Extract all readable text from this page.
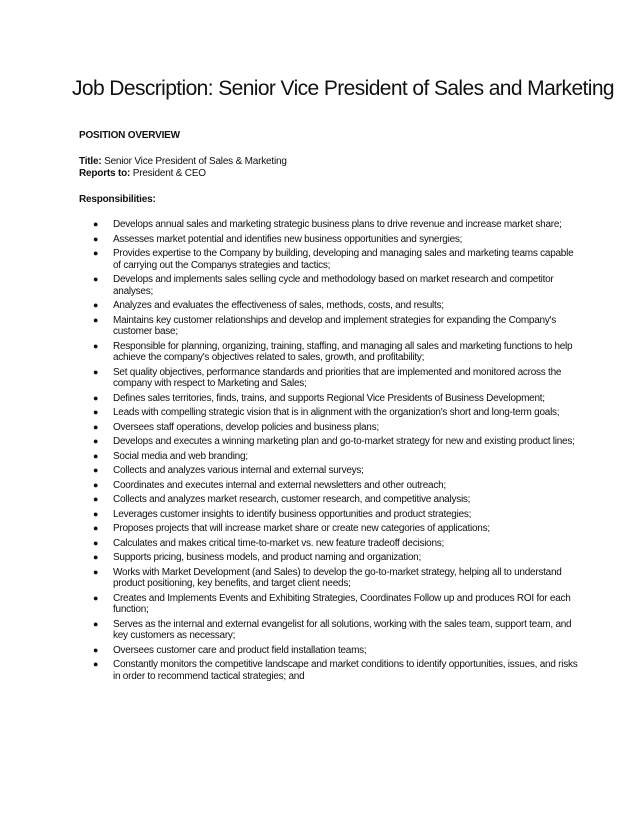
Job Description: Senior Vice President of Sales and Marketing
POSITION OVERVIEW

Title: Senior Vice President of Sales & Marketing

Reports to: President & CEO

Responsibilities:
● Develops annual sales and marketing strategic business plans to drive revenue and increase market share;
● Assesses market potential and identifies new business opportunities and synergies;
● Provides expertise to the Company by building, developing and managing sales and marketing teams capable of carrying out the Companys strategies and tactics;
● Develops and implements sales selling cycle and methodology based on market research and competitor analyses;
● Analyzes and evaluates the effectiveness of sales, methods, costs, and results;
● Maintains key customer relationships and develop and implement strategies for expanding the Company's customer base;
● Responsible for planning, organizing, training, staffing, and managing all sales and marketing functions to help achieve the company's objectives related to sales, growth, and profitability;
● Set quality objectives, performance standards and priorities that are implemented and monitored across the company with respect to Marketing and Sales;
● Defines sales territories, finds, trains, and supports Regional Vice Presidents of Business Development;
● Leads with compelling strategic vision that is in alignment with the organization's short and long-term goals;
● Oversees staff operations, develop policies and business plans;
● Develops and executes a winning marketing plan and go-to-market strategy for new and existing product lines;
● Social media and web branding;
● Collects and analyzes various internal and external surveys;
● Coordinates and executes internal and external newsletters and other outreach;
● Collects and analyzes market research, customer research, and competitive analysis;
● Leverages customer insights to identify business opportunities and product strategies;
● Proposes projects that will increase market share or create new categories of applications;
● Calculates and makes critical time-to-market vs. new feature tradeoff decisions;
● Supports pricing, business models, and product naming and organization;
● Works with Market Development (and Sales) to develop the go-to-market strategy, helping all to understand product positioning, key benefits, and target client needs;
● Creates and Implements Events and Exhibiting Strategies, Coordinates Follow up and produces ROI for each function;
● Serves as the internal and external evangelist for all solutions, working with the sales team, support team, and key customers as necessary;
● Oversees customer care and product field installation teams;
● Constantly monitors the competitive landscape and market conditions to identify opportunities, issues, and risks in order to recommend tactical strategies; and
